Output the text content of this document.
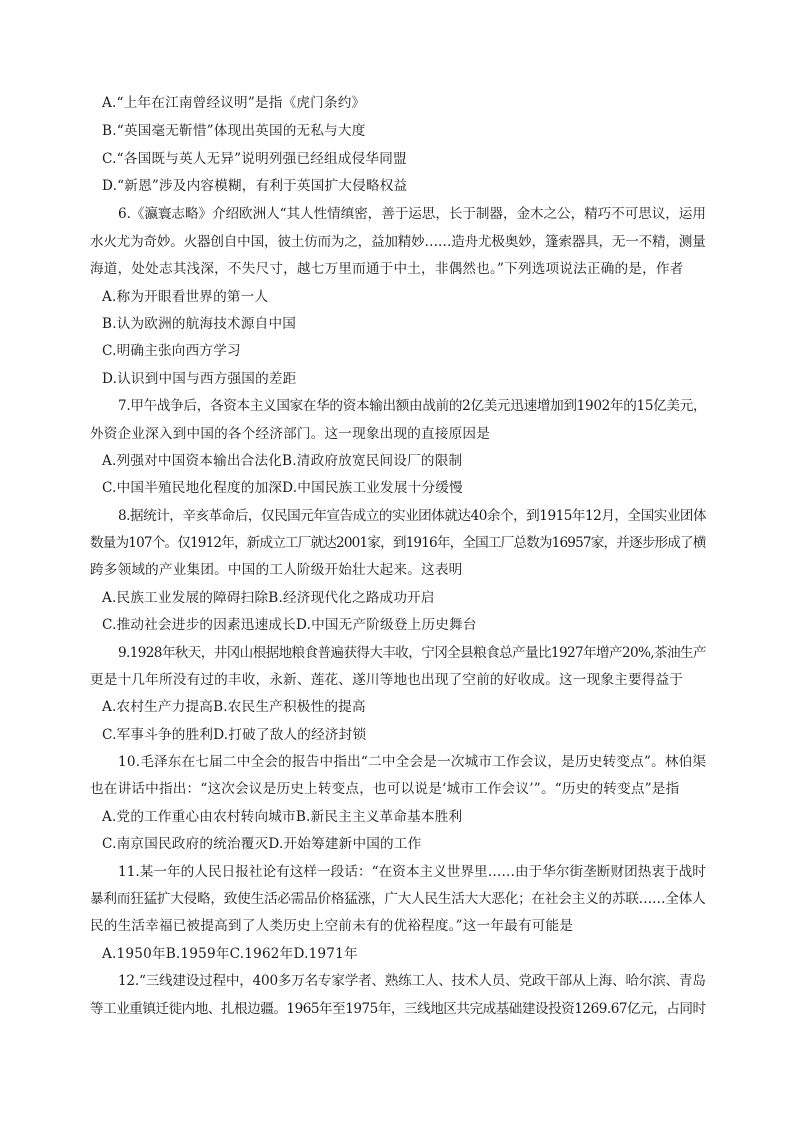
A.“上年在江南曾经议明”是指《虎门条约》
B.“英国毫无靳惜”体现出英国的无私与大度
C.“各国既与英人无异”说明列强已经组成侵华同盟
D.“新恩”涉及内容模糊，有利于英国扩大侵略权益
6.《瀛寰志略》介绍欧洲人“其人性情缜密，善于运思，长于制器，金木之公，精巧不可思议，运用
水火尤为奇妙。火器创自中国，彼土仿而为之，益加精妙……造舟尤极奥妙，篷索器具，无一不精，测量
海道，处处志其浅深，不失尺寸，越七万里而通于中土，非偶然也。”下列选项说法正确的是，作者
A.称为开眼看世界的第一人
B.认为欧洲的航海技术源自中国
C.明确主张向西方学习
D.认识到中国与西方强国的差距
7.甲午战争后，各资本主义国家在华的资本输出额由战前的2亿美元迅速增加到1902年的15亿美元，
外资企业深入到中国的各个经济部门。这一现象出现的直接原因是
A.列强对中国资本输出合法化B.清政府放宽民间设厂的限制
C.中国半殖民地化程度的加深D.中国民族工业发展十分缓慢
8.据统计，辛亥革命后，仅民国元年宣告成立的实业团体就达40余个，到1915年12月，全国实业团体
数量为107个。仅1912年，新成立工厂就达2001家，到1916年，全国工厂总数为16957家，并逐步形成了横
跨多领域的产业集团。中国的工人阶级开始壮大起来。这表明
A.民族工业发展的障碍扫除B.经济现代化之路成功开启
C.推动社会进步的因素迅速成长D.中国无产阶级登上历史舞台
9.1928年秋天，井冈山根据地粮食普遍获得大丰收，宁冈全县粮食总产量比1927年增产20%,茶油生产
更是十几年所没有过的丰收，永新、莲花、遂川等地也出现了空前的好收成。这一现象主要得益于
A.农村生产力提高B.农民生产积极性的提高
C.军事斗争的胜利D.打破了敌人的经济封锁
10.毛泽东在七届二中全会的报告中指出“二中全会是一次城市工作会议，是历史转变点”。林伯渠
也在讲话中指出：“这次会议是历史上转变点，也可以说是‘城市工作会议’”。“历史的转变点”是指
A.党的工作重心由农村转向城市B.新民主主义革命基本胜利
C.南京国民政府的统治覆灭D.开始筹建新中国的工作
11.某一年的人民日报社论有这样一段话：“在资本主义世界里……由于华尔街垄断财团热衷于战时
暴利而狂猛扩大侵略，致使生活必需品价格猛涨，广大人民生活大大恶化；在社会主义的苏联……全体人
民的生活幸福已被提高到了人类历史上空前未有的优裕程度。”这一年最有可能是
A.1950年B.1959年C.1962年D.1971年
12.“三线建设过程中，400多万名专家学者、熟练工人、技术人员、党政干部从上海、哈尔滨、青岛
等工业重镇迁徙内地、扎根边疆。1965年至1975年，三线地区共完成基础建设投资1269.67亿元，占同时
